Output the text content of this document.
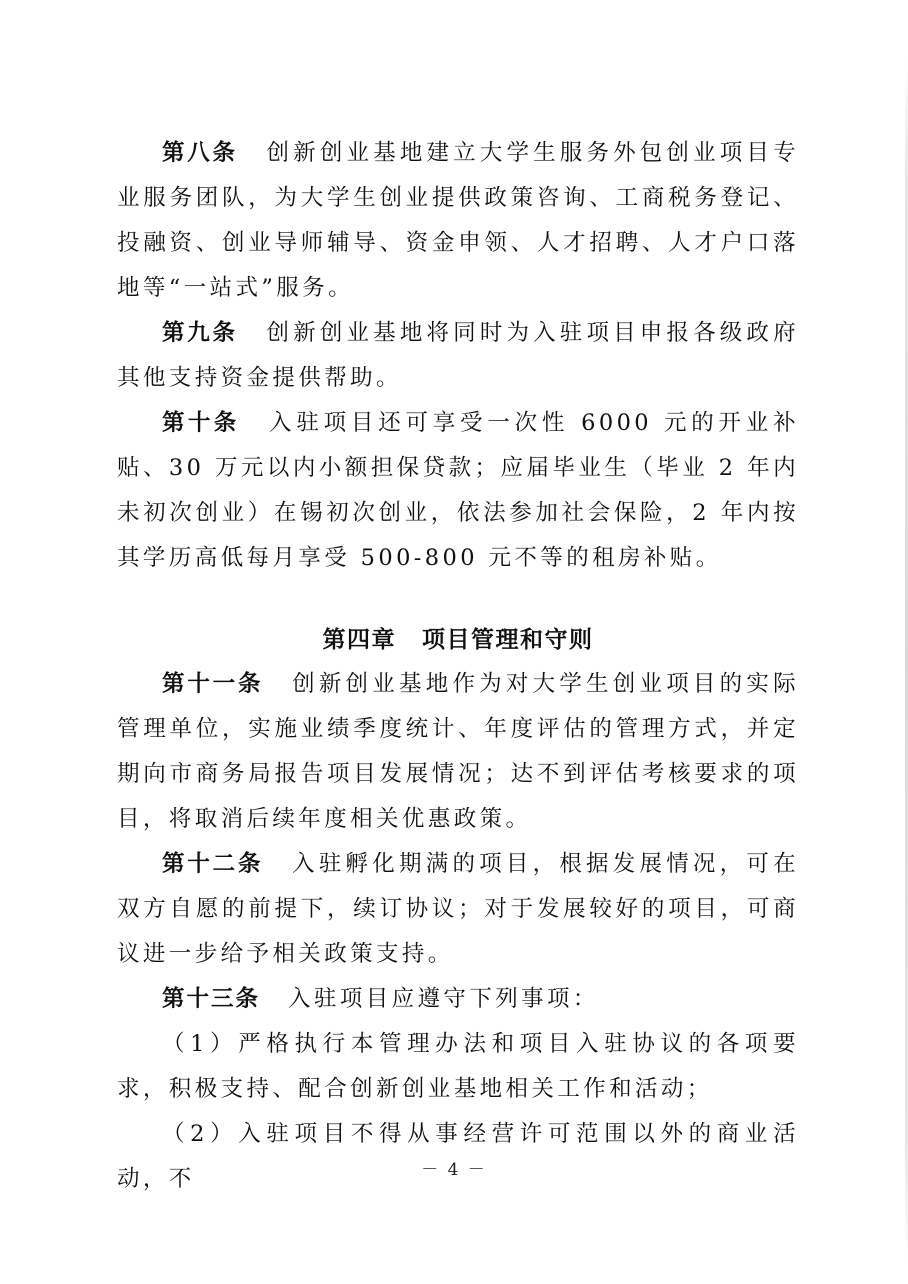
第八条 创新创业基地建立大学生服务外包创业项目专业服务团队，为大学生创业提供政策咨询、工商税务登记、投融资、创业导师辅导、资金申领、人才招聘、人才户口落地等“一站式”服务。

第九条 创新创业基地将同时为入驻项目申报各级政府其他支持资金提供帮助。

第十条 入驻项目还可享受一次性 6000 元的开业补贴、30 万元以内小额担保贷款；应届毕业生（毕业 2 年内未初次创业）在锡初次创业，依法参加社会保险，2 年内按其学历高低每月享受 500-800 元不等的租房补贴。

第四章 项目管理和守则

第十一条 创新创业基地作为对大学生创业项目的实际管理单位，实施业绩季度统计、年度评估的管理方式，并定期向市商务局报告项目发展情况；达不到评估考核要求的项目，将取消后续年度相关优惠政策。

第十二条 入驻孵化期满的项目，根据发展情况，可在双方自愿的前提下，续订协议；对于发展较好的项目，可商议进一步给予相关政策支持。

第十三条 入驻项目应遵守下列事项：

（1）严格执行本管理办法和项目入驻协议的各项要求，积极支持、配合创新创业基地相关工作和活动；

（2）入驻项目不得从事经营许可范围以外的商业活动，不	－ 4 －
